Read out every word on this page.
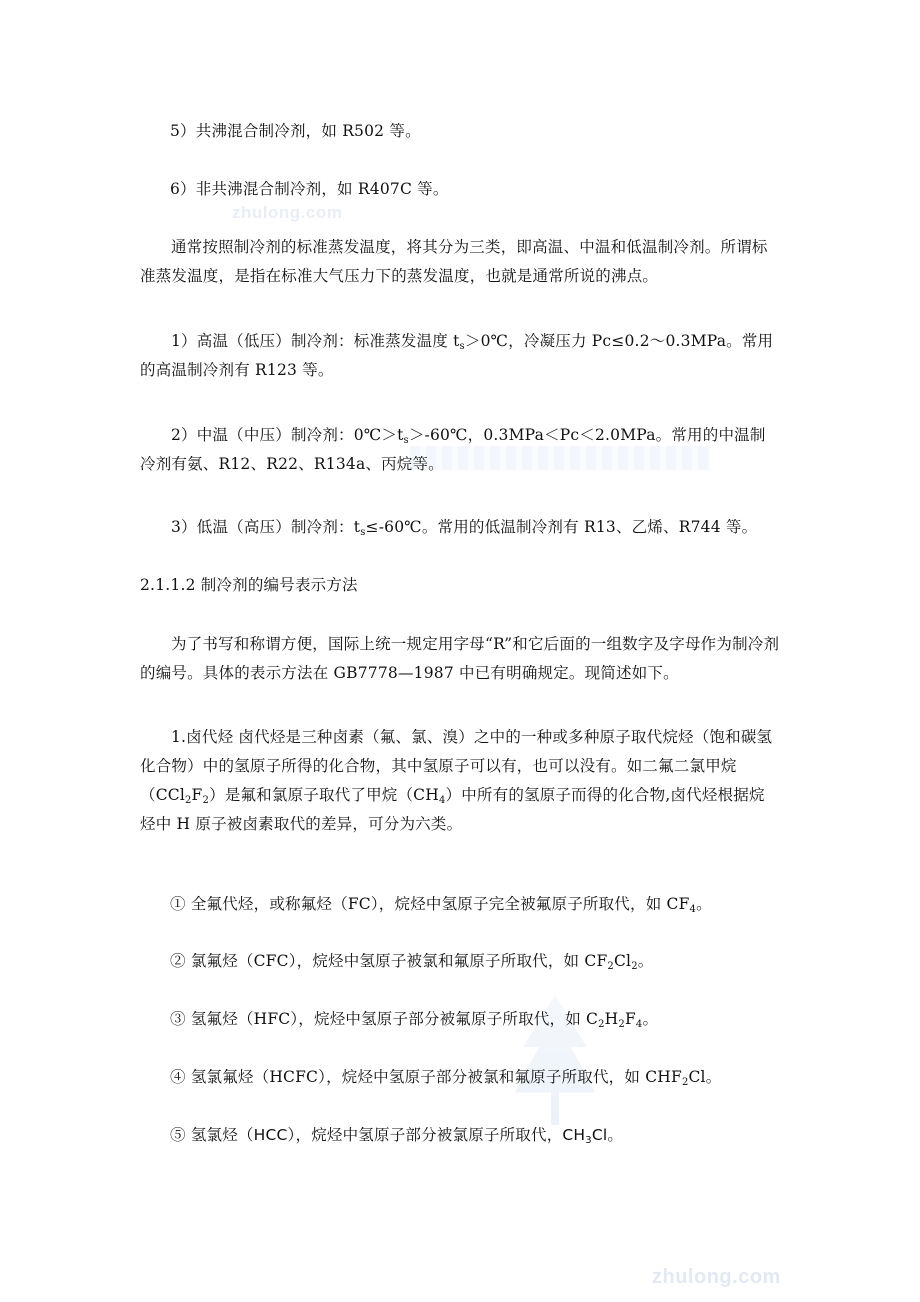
zhulong.com
zhulong.com
5）共沸混合制冷剂，如 R502 等。
6）非共沸混合制冷剂，如 R407C 等。
通常按照制冷剂的标准蒸发温度，将其分为三类，即高温、中温和低温制冷剂。所谓标准蒸发温度，是指在标准大气压力下的蒸发温度，也就是通常所说的沸点。
1）高温（低压）制冷剂：标准蒸发温度 $t_s>0℃$，冷凝压力 Pc≤0.2～0.3MPa。常用的高温制冷剂有 R123 等。
2）中温（中压）制冷剂：$0℃>t_s>-60℃$，0.3MPa＜Pc＜2.0MPa。常用的中温制冷剂有氨、R12、R22、R134a、丙烷等。
3）低温（高压）制冷剂：$t_s\le-60℃$。常用的低温制冷剂有 R13、乙烯、R744 等。
2.1.1.2 制冷剂的编号表示方法
为了书写和称谓方便，国际上统一规定用字母“R”和它后面的一组数字及字母作为制冷剂的编号。具体的表示方法在 GB7778—1987 中已有明确规定。现简述如下。
1.卤代烃 卤代烃是三种卤素（氟、氯、溴）之中的一种或多种原子取代烷烃（饱和碳氢化合物）中的氢原子所得的化合物，其中氢原子可以有，也可以没有。如二氟二氯甲烷$(CCl_2F_2)$是氟和氯原子取代了甲烷$(CH_4)$中所有的氢原子而得的化合物,卤代烃根据烷烃中 H 原子被卤素取代的差异，可分为六类。
① 全氟代烃，或称氟烃（FC），烷烃中氢原子完全被氟原子所取代，如 $CF_4$。
② 氯氟烃（CFC），烷烃中氢原子被氯和氟原子所取代，如 $CF_2Cl_2$。
③ 氢氟烃（HFC），烷烃中氢原子部分被氟原子所取代，如 $C_2H_2F_4$。
④ 氢氯氟烃（HCFC），烷烃中氢原子部分被氯和氟原子所取代，如 $CHF_2Cl$。
⑤ 氢氯烃（HCC），烷烃中氢原子部分被氯原子所取代，$CH_3Cl$。
